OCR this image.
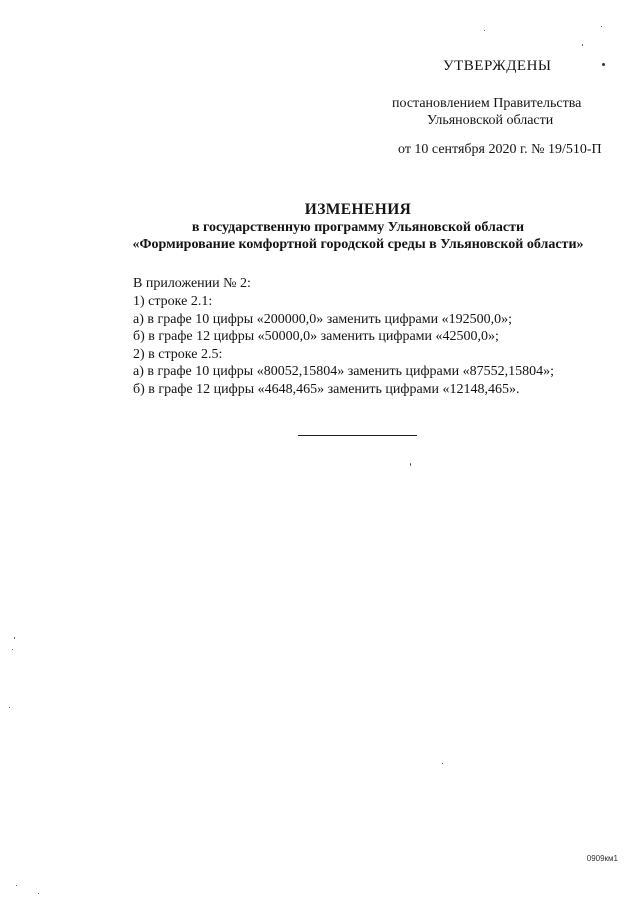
УТВЕРЖДЕНЫ
постановлением Правительства
Ульяновской области
от 10 сентября 2020 г. № 19/510-П
ИЗМЕНЕНИЯ
в государственную программу Ульяновской области
«Формирование комфортной городской среды в Ульяновской области»
В приложении № 2:
1) строке 2.1:
а) в графе 10 цифры «200000,0» заменить цифрами «192500,0»;
б) в графе 12 цифры «50000,0» заменить цифрами «42500,0»;
2) в строке 2.5:
а) в графе 10 цифры «80052,15804» заменить цифрами «87552,15804»;
б) в графе 12 цифры «4648,465» заменить цифрами «12148,465».
0909км1
